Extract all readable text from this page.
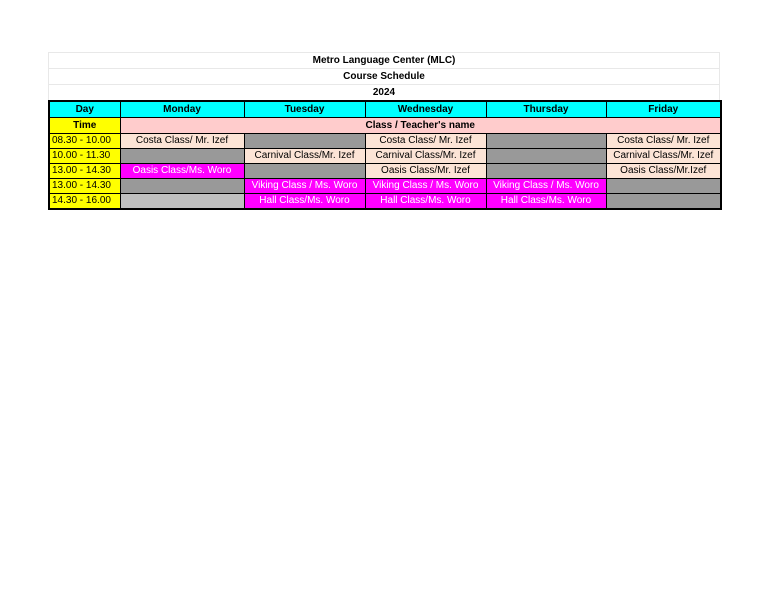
Metro Language Center (MLC)
Course Schedule
2024
Day	Monday	Tuesday	Wednesday	Thursday	Friday
Time	Class / Teacher's name				
08.30 - 10.00	Costa Class/ Mr. Izef		Costa Class/ Mr. Izef		Costa Class/ Mr. Izef
10.00 - 11.30		Carnival Class/Mr. Izef	Carnival Class/Mr. Izef		Carnival Class/Mr. Izef
13.00 - 14.30	Oasis Class/Ms. Woro		Oasis Class/Mr. Izef		Oasis Class/Mr.Izef
13.00 - 14.30		Viking Class / Ms. Woro	Viking Class / Ms. Woro	Viking Class / Ms. Woro	
14.30 - 16.00		Hall Class/Ms. Woro	Hall Class/Ms. Woro	Hall Class/Ms. Woro	
